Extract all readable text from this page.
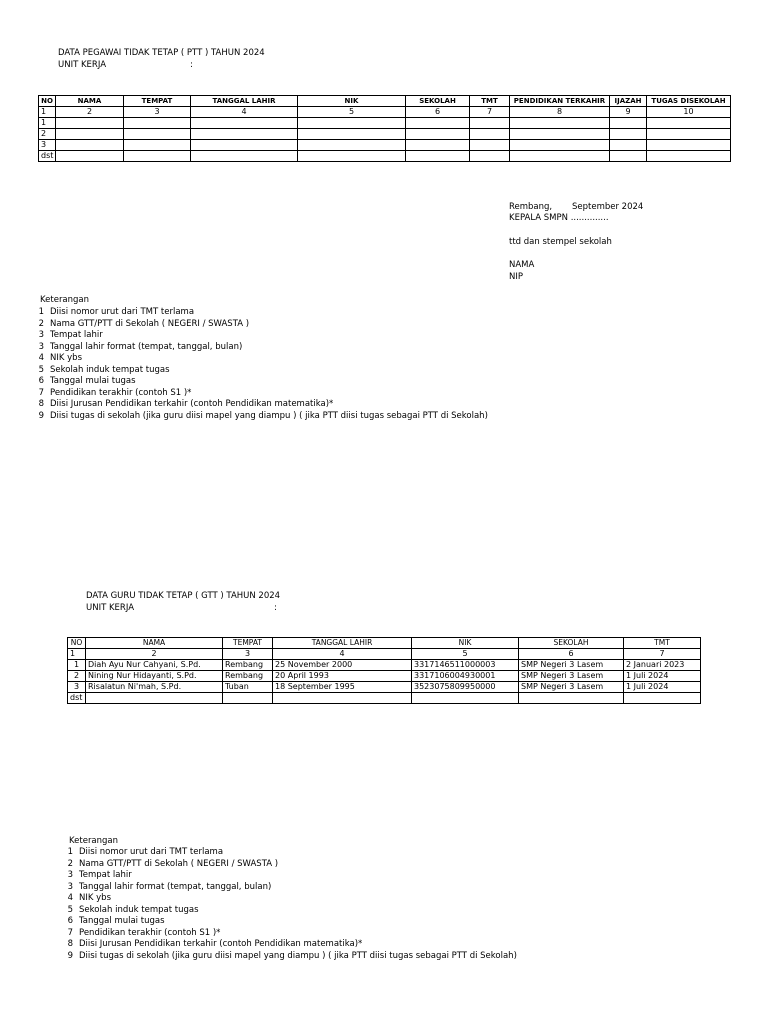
DATA PEGAWAI TIDAK TETAP ( PTT ) TAHUN 2024
UNIT KERJA	:
NO	NAMA	TEMPAT	TANGGAL LAHIR	NIK	SEKOLAH	TMT	PENDIDIKAN TERKAHIR	IJAZAH	TUGAS DISEKOLAH
1	2	3	4	5	6	7	8	9	10
1									
2									
3									
dst									
Rembang, September 2024
KEPALA SMPN ..............
ttd dan stempel sekolah
NAMA
NIP
Keterangan
1 Diisi nomor urut dari TMT terlama
2 Nama GTT/PTT di Sekolah ( NEGERI / SWASTA )
3 Tempat lahir
3 Tanggal lahir format (tempat, tanggal, bulan)
4 NIK ybs
5 Sekolah induk tempat tugas
6 Tanggal mulai tugas
7 Pendidikan terakhir (contoh S1 )*
8 Diisi Jurusan Pendidikan terkahir (contoh Pendidikan matematika)*
9 Diisi tugas di sekolah (jika guru diisi mapel yang diampu ) ( jika PTT diisi tugas sebagai PTT di Sekolah)
DATA GURU TIDAK TETAP ( GTT ) TAHUN 2024
UNIT KERJA	:
NO	NAMA	TEMPAT	TANGGAL LAHIR	NIK	SEKOLAH	TMT
1	2	3	4	5	6	7
1	Diah Ayu Nur Cahyani, S.Pd.	Rembang	25 November 2000	3317146511000003	SMP Negeri 3 Lasem	2 Januari 2023
2	Nining Nur Hidayanti, S.Pd.	Rembang	20 April 1993	3317106004930001	SMP Negeri 3 Lasem	1 Juli 2024
3	Risalatun Ni'mah, S.Pd.	Tuban	18 September 1995	3523075809950000	SMP Negeri 3 Lasem	1 Juli 2024
dst						
Keterangan
1 Diisi nomor urut dari TMT terlama
2 Nama GTT/PTT di Sekolah ( NEGERI / SWASTA )
3 Tempat lahir
3 Tanggal lahir format (tempat, tanggal, bulan)
4 NIK ybs
5 Sekolah induk tempat tugas
6 Tanggal mulai tugas
7 Pendidikan terakhir (contoh S1 )*
8 Diisi Jurusan Pendidikan terkahir (contoh Pendidikan matematika)*
9 Diisi tugas di sekolah (jika guru diisi mapel yang diampu ) ( jika PTT diisi tugas sebagai PTT di Sekolah)
